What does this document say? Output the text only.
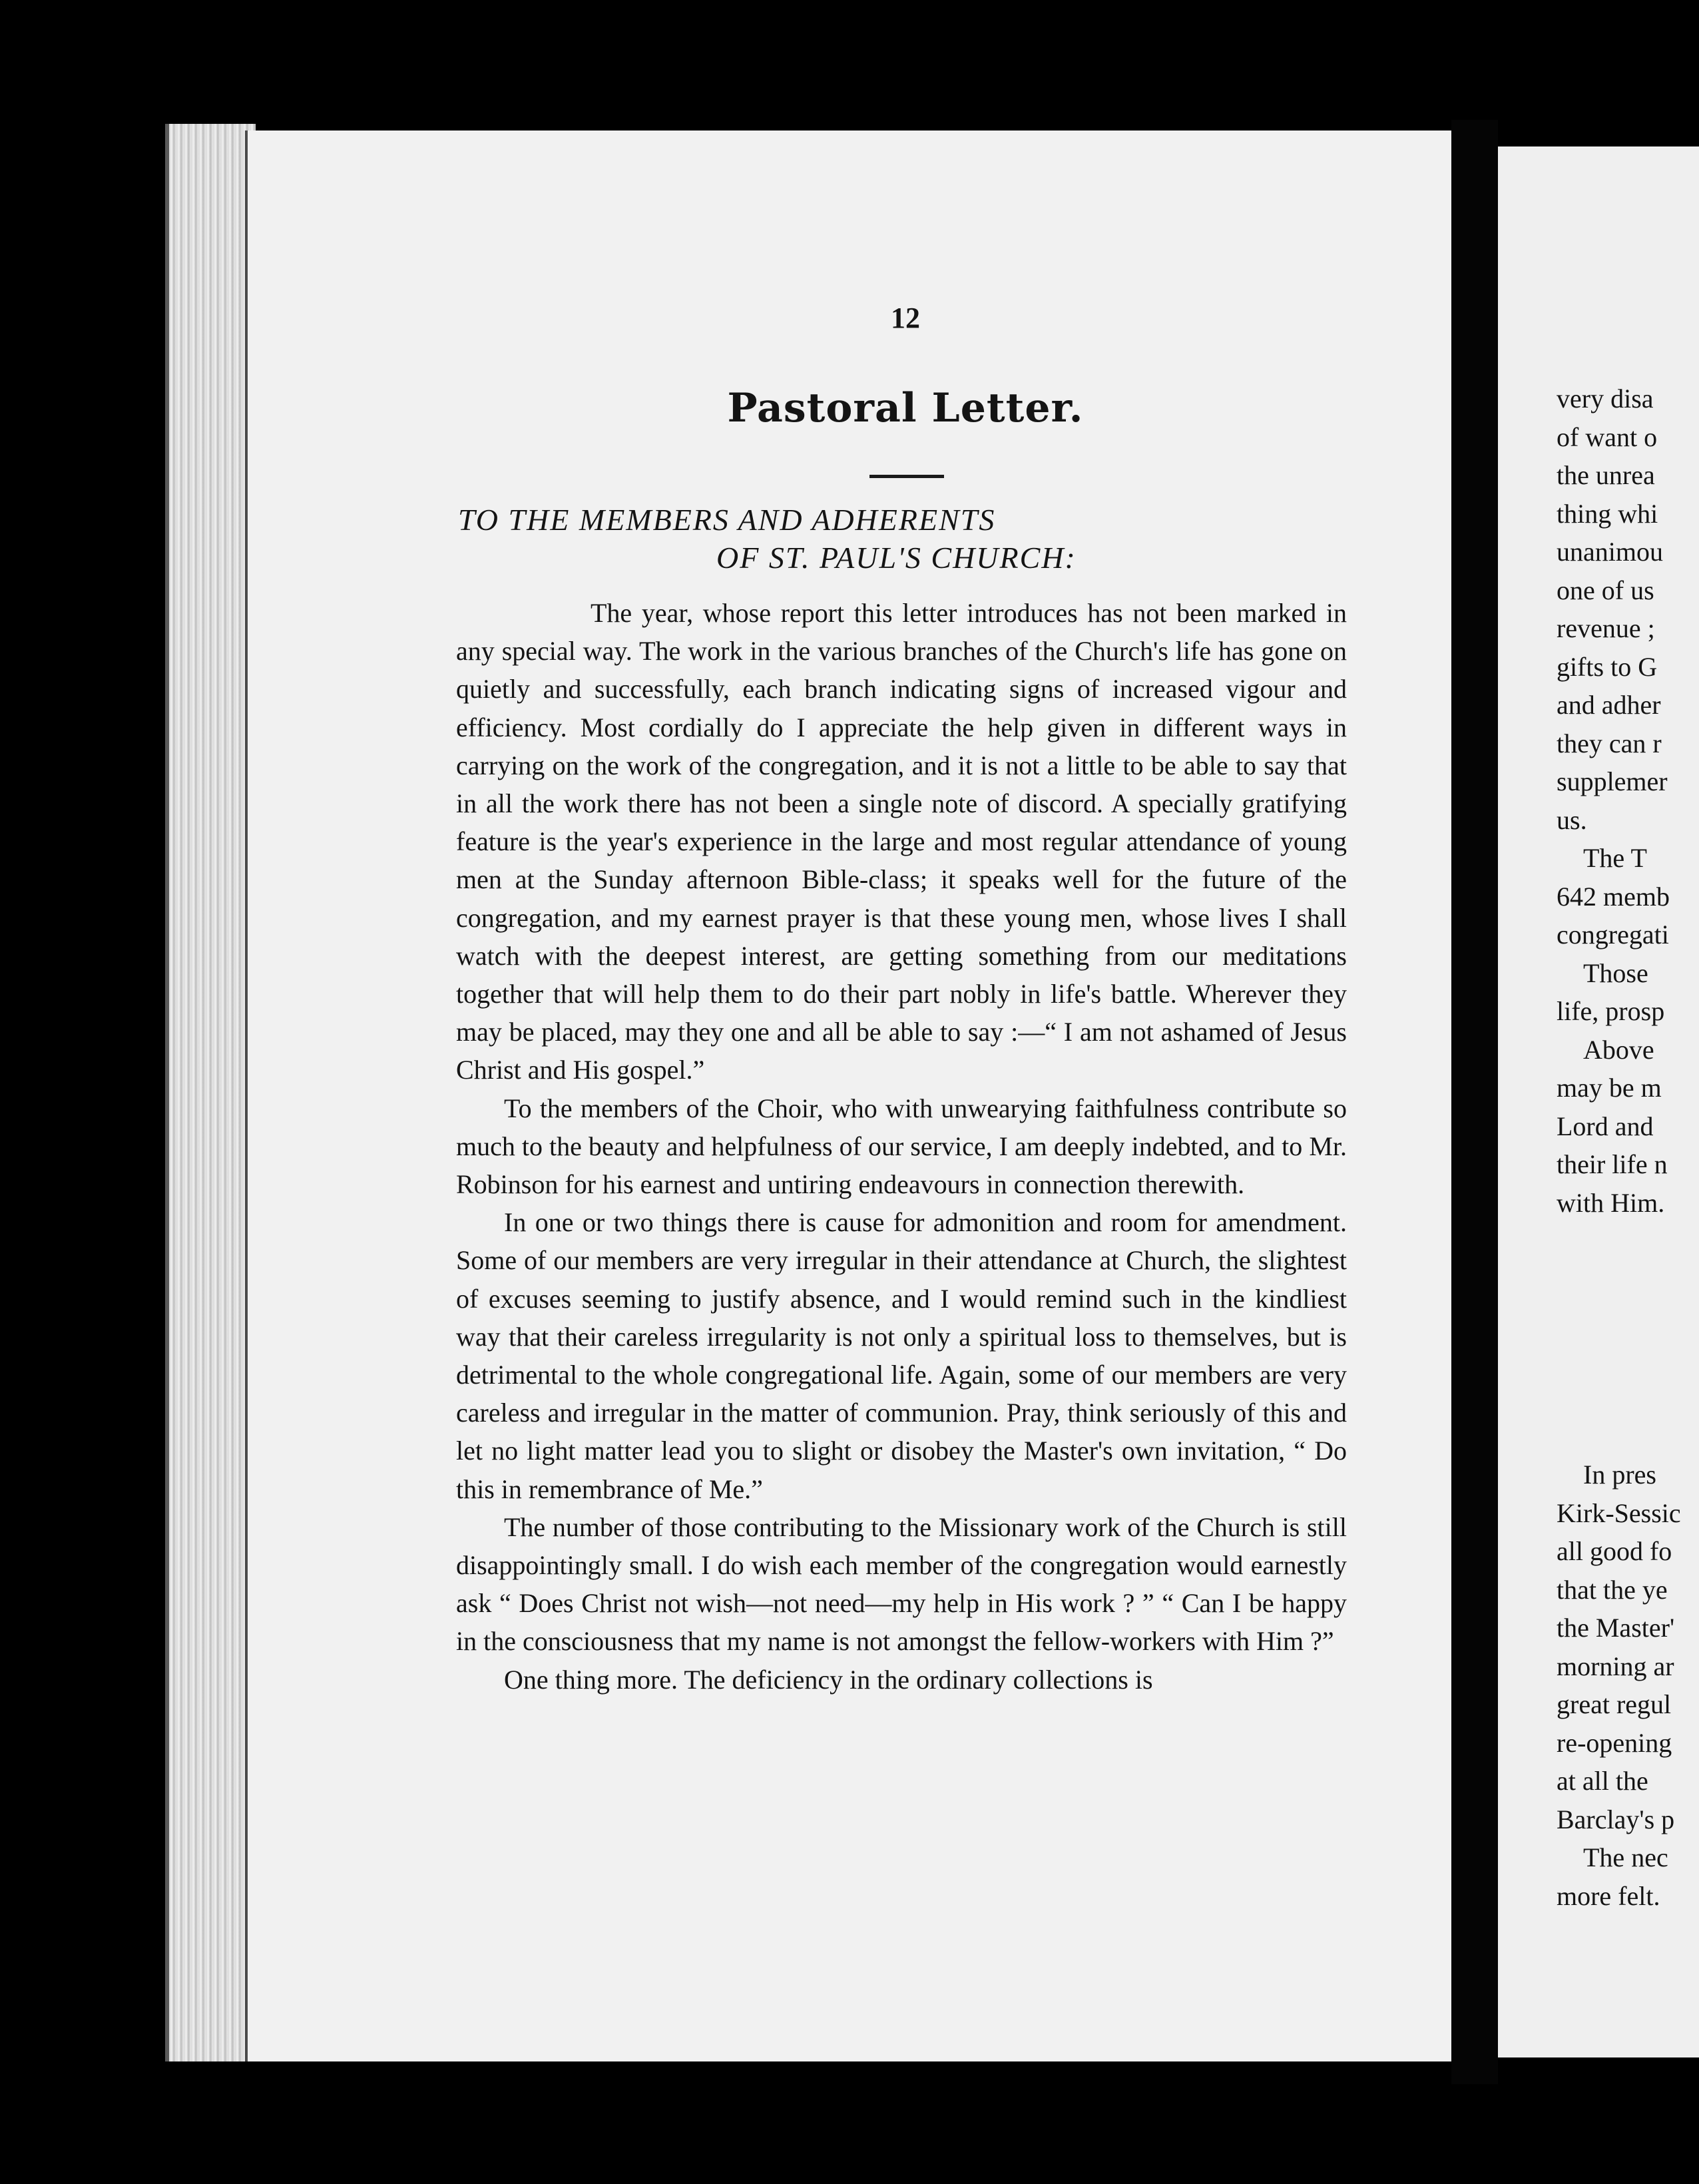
12
Pastoral Letter.
TO THE MEMBERS AND ADHERENTS
OF ST. PAUL'S CHURCH:

The year, whose report this letter introduces has not been marked in any special way. The work in the various branches of the Church's life has gone on quietly and successfully, each branch indicating signs of increased vigour and efficiency. Most cordially do I appreciate the help given in different ways in carrying on the work of the congregation, and it is not a little to be able to say that in all the work there has not been a single note of discord. A specially gratifying feature is the year's experience in the large and most regular attendance of young men at the Sunday afternoon Bible-class; it speaks well for the future of the congregation, and my earnest prayer is that these young men, whose lives I shall watch with the deepest interest, are getting something from our meditations together that will help them to do their part nobly in life's battle. Wherever they may be placed, may they one and all be able to say :—“ I am not ashamed of Jesus Christ and His gospel.”

To the members of the Choir, who with unwearying faithfulness contribute so much to the beauty and helpfulness of our service, I am deeply indebted, and to Mr. Robinson for his earnest and untiring endeavours in connection therewith.

In one or two things there is cause for admonition and room for amendment. Some of our members are very irregular in their attendance at Church, the slightest of excuses seeming to justify absence, and I would remind such in the kindliest way that their careless irregularity is not only a spiritual loss to themselves, but is detrimental to the whole congregational life. Again, some of our members are very careless and irregular in the matter of communion. Pray, think seriously of this and let no light matter lead you to slight or disobey the Master's own invitation, “ Do this in remembrance of Me.”

The number of those contributing to the Missionary work of the Church is still disappointingly small. I do wish each member of the congregation would earnestly ask “ Does Christ not wish—not need—my help in His work ? ” “ Can I be happy in the consciousness that my name is not amongst the fellow-workers with Him ?”

One thing more. The deficiency in the ordinary collections is

very disa
of want o
the unrea
thing whi
unanimou
one of us
revenue ;
gifts to G
and adher
they can r
supplemer
us.
The T
642 memb
congregati
Those
life, prosp
Above
may be m
Lord and
their life n
with Him.
In pres
Kirk-Sessic
all good fo
that the ye
the Master'
morning ar
great regul
re-opening
at all the
Barclay's p
The nec
more felt.
